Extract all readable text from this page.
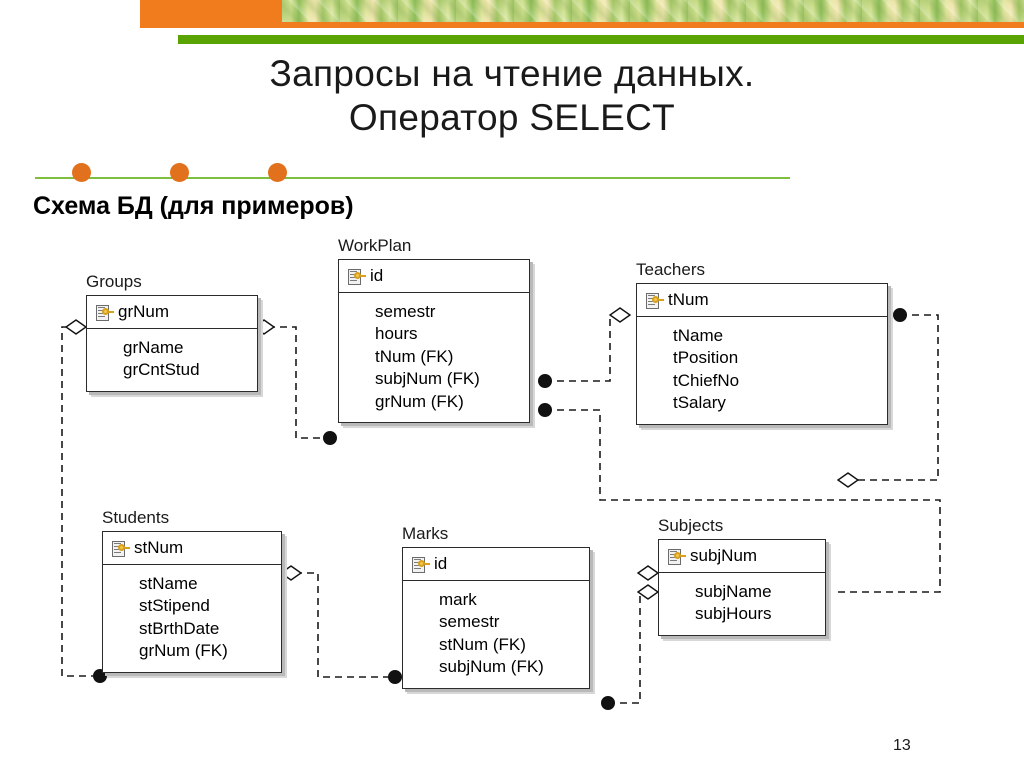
Запросы на чтение данных.
Оператор SELECT
Схема БД (для примеров)
Groups
grNum
grName
grCntStud
WorkPlan
id
semestr
hours
tNum (FK)
subjNum (FK)
grNum (FK)
Teachers
tNum
tName
tPosition
tChiefNo
tSalary
Students
stNum
stName
stStipend
stBrthDate
grNum (FK)
Marks
id
mark
semestr
stNum (FK)
subjNum (FK)
Subjects
subjNum
subjName
subjHours
13
